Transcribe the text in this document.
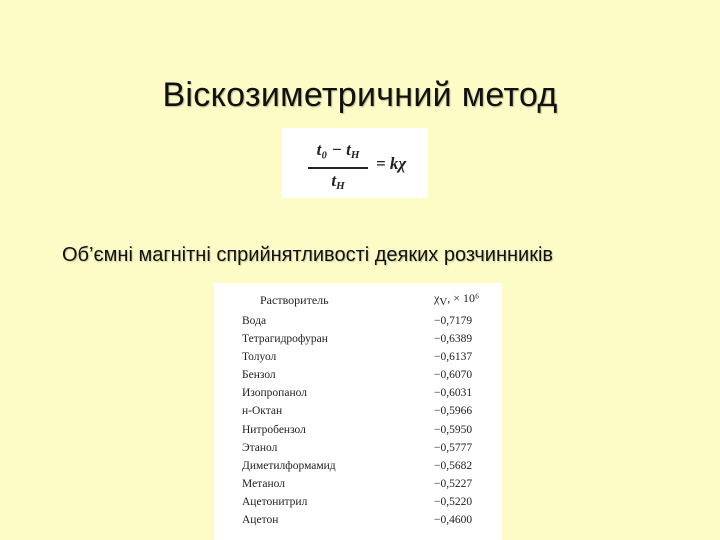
Віскозиметричний метод
$t_0 - t_H$
$t_H$
= kχ
Об’ємні магнітні сприйнятливості деяких розчинників
Растворитель	χV, × 10⁶
Вода	−0,7179
Тетрагидрофуран	−0,6389
Толуол	−0,6137
Бензол	−0,6070
Изопропанол	−0,6031
н-Октан	−0,5966
Нитробензол	−0,5950
Этанол	−0,5777
Диметилформамид	−0,5682
Метанол	−0,5227
Ацетонитрил	−0,5220
Ацетон	−0,4600
